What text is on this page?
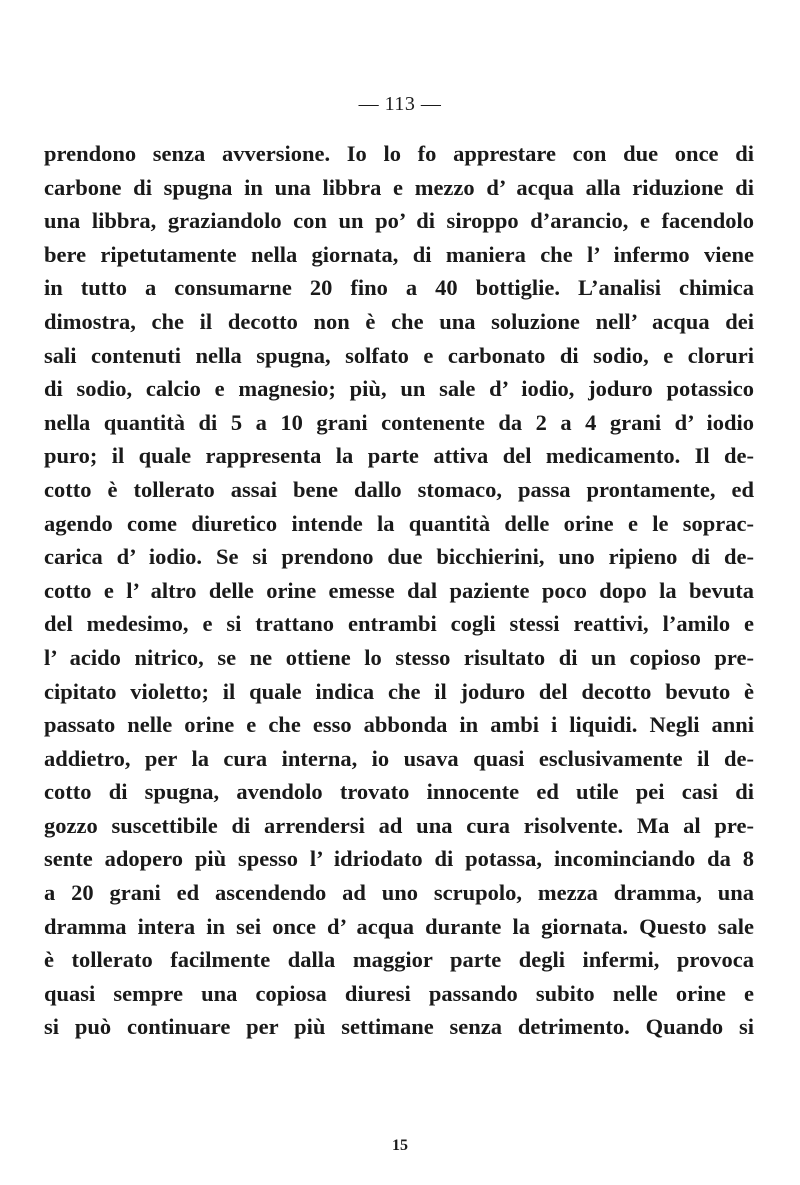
— 113 —
prendono senza avversione. Io lo fo apprestare con due once di
carbone di spugna in una libbra e mezzo d’ acqua alla riduzione di
una libbra, graziandolo con un po’ di siroppo d’arancio, e facendolo
bere ripetutamente nella giornata, di maniera che l’ infermo viene
in tutto a consumarne 20 fino a 40 bottiglie. L’analisi chimica
dimostra, che il decotto non è che una soluzione nell’ acqua dei
sali contenuti nella spugna, solfato e carbonato di sodio, e cloruri
di sodio, calcio e magnesio; più, un sale d’ iodio, joduro potassico
nella quantità di 5 a 10 grani contenente da 2 a 4 grani d’ iodio
puro; il quale rappresenta la parte attiva del medicamento. Il de-
cotto è tollerato assai bene dallo stomaco, passa prontamente, ed
agendo come diuretico intende la quantità delle orine e le soprac-
carica d’ iodio. Se si prendono due bicchierini, uno ripieno di de-
cotto e l’ altro delle orine emesse dal paziente poco dopo la bevuta
del medesimo, e si trattano entrambi cogli stessi reattivi, l’amilo e
l’ acido nitrico, se ne ottiene lo stesso risultato di un copioso pre-
cipitato violetto; il quale indica che il joduro del decotto bevuto è
passato nelle orine e che esso abbonda in ambi i liquidi. Negli anni
addietro, per la cura interna, io usava quasi esclusivamente il de-
cotto di spugna, avendolo trovato innocente ed utile pei casi di
gozzo suscettibile di arrendersi ad una cura risolvente. Ma al pre-
sente adopero più spesso l’ idriodato di potassa, incominciando da 8
a 20 grani ed ascendendo ad uno scrupolo, mezza dramma, una
dramma intera in sei once d’ acqua durante la giornata. Questo sale
è tollerato facilmente dalla maggior parte degli infermi, provoca
quasi sempre una copiosa diuresi passando subito nelle orine e
si può continuare per più settimane senza detrimento. Quando si
15
